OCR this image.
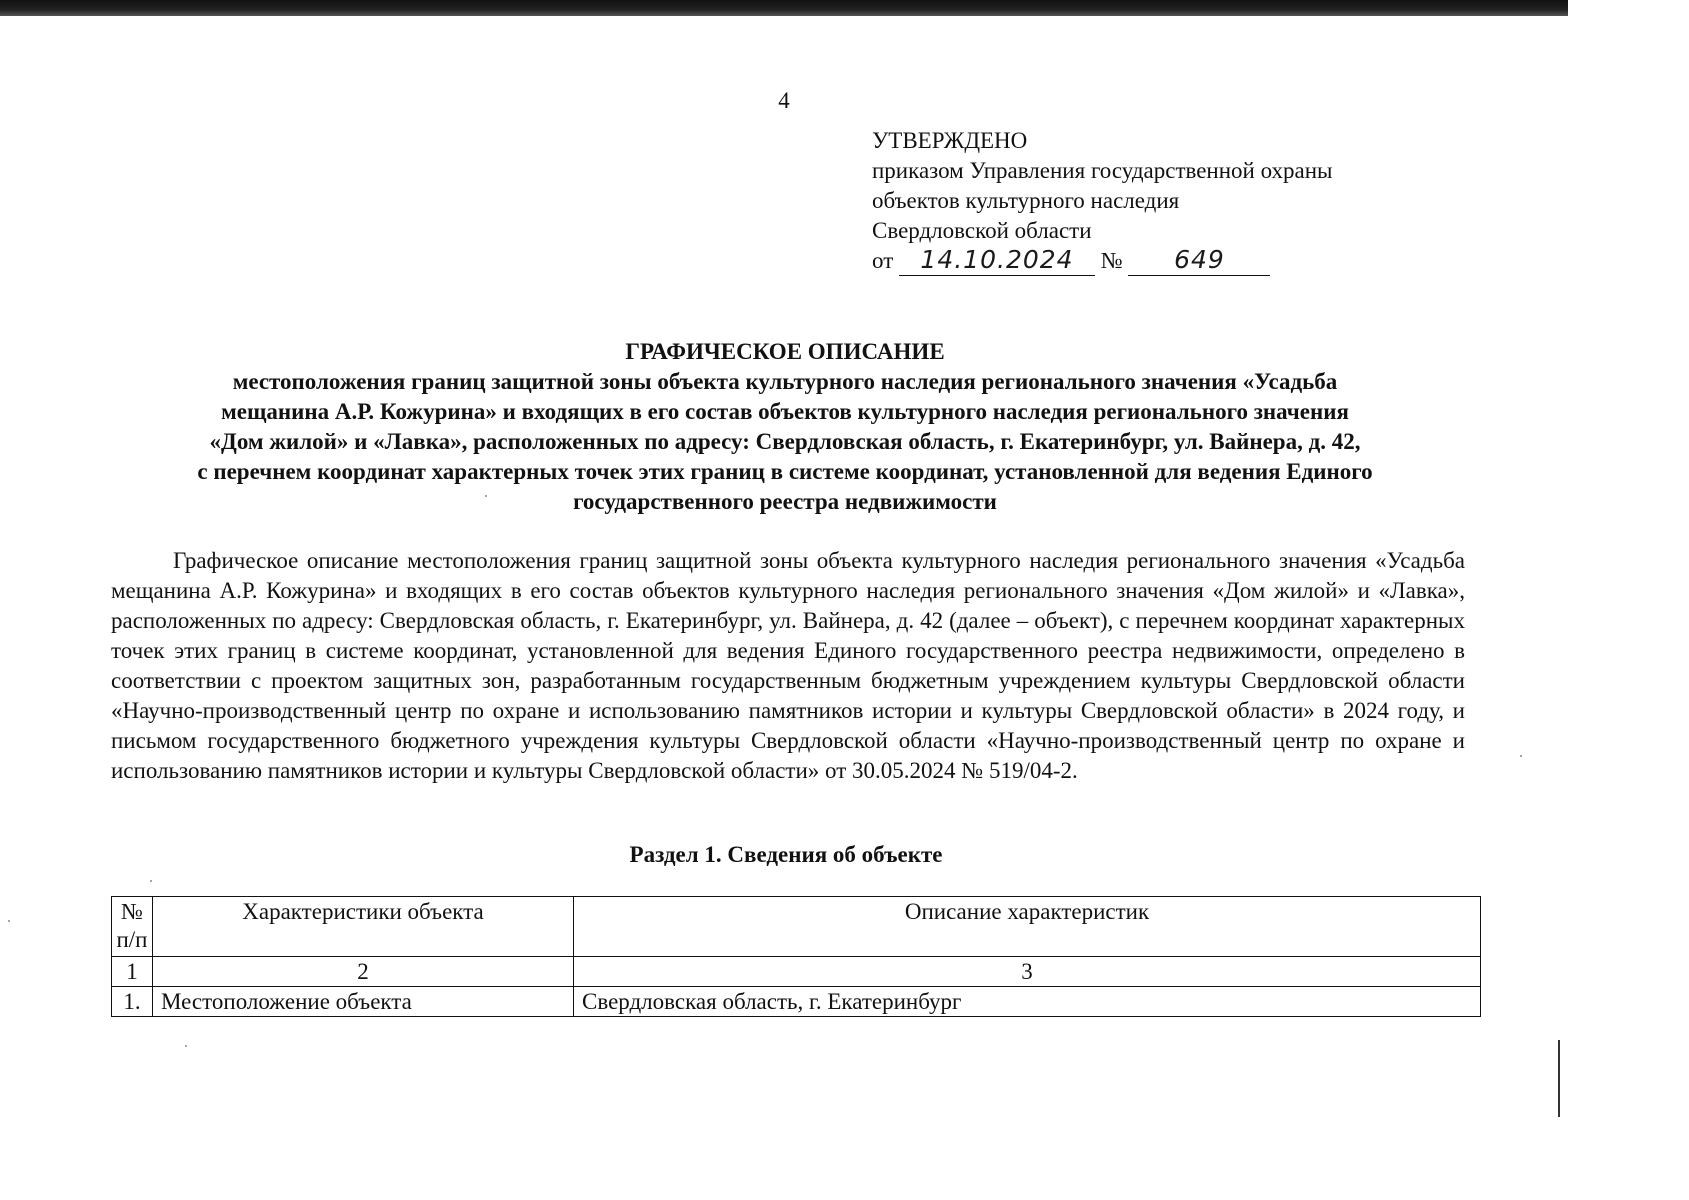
4
УТВЕРЖДЕНО
приказом Управления государственной охраны
объектов культурного наследия
Свердловской области
от 14.10.2024 № 649
ГРАФИЧЕСКОЕ ОПИСАНИЕ
местоположения границ защитной зоны объекта культурного наследия регионального значения «Усадьба
мещанина А.Р. Кожурина» и входящих в его состав объектов культурного наследия регионального значения
«Дом жилой» и «Лавка», расположенных по адресу: Свердловская область, г. Екатеринбург, ул. Вайнера, д. 42,
с перечнем координат характерных точек этих границ в системе координат, установленной для ведения Единого
государственного реестра недвижимости
Графическое описание местоположения границ защитной зоны объекта культурного наследия регионального значения «Усадьба мещанина А.Р. Кожурина» и входящих в его состав объектов культурного наследия регионального значения «Дом жилой» и «Лавка», расположенных по адресу: Свердловская область, г. Екатеринбург, ул. Вайнера, д. 42 (далее – объект), с перечнем координат характерных точек этих границ в системе координат, установленной для ведения Единого государственного реестра недвижимости, определено в соответствии с проектом защитных зон, разработанным государственным бюджетным учреждением культуры Свердловской области «Научно-производственный центр по охране и использованию памятников истории и культуры Свердловской области» в 2024 году, и письмом государственного бюджетного учреждения культуры Свердловской области «Научно-производственный центр по охране и использованию памятников истории и культуры Свердловской области» от 30.05.2024 № 519/04-2.
Раздел 1. Сведения об объекте
№ п/п	Характеристики объекта	Описание характеристик
1	2	3
1.	Местоположение объекта	Свердловская область, г. Екатеринбург
